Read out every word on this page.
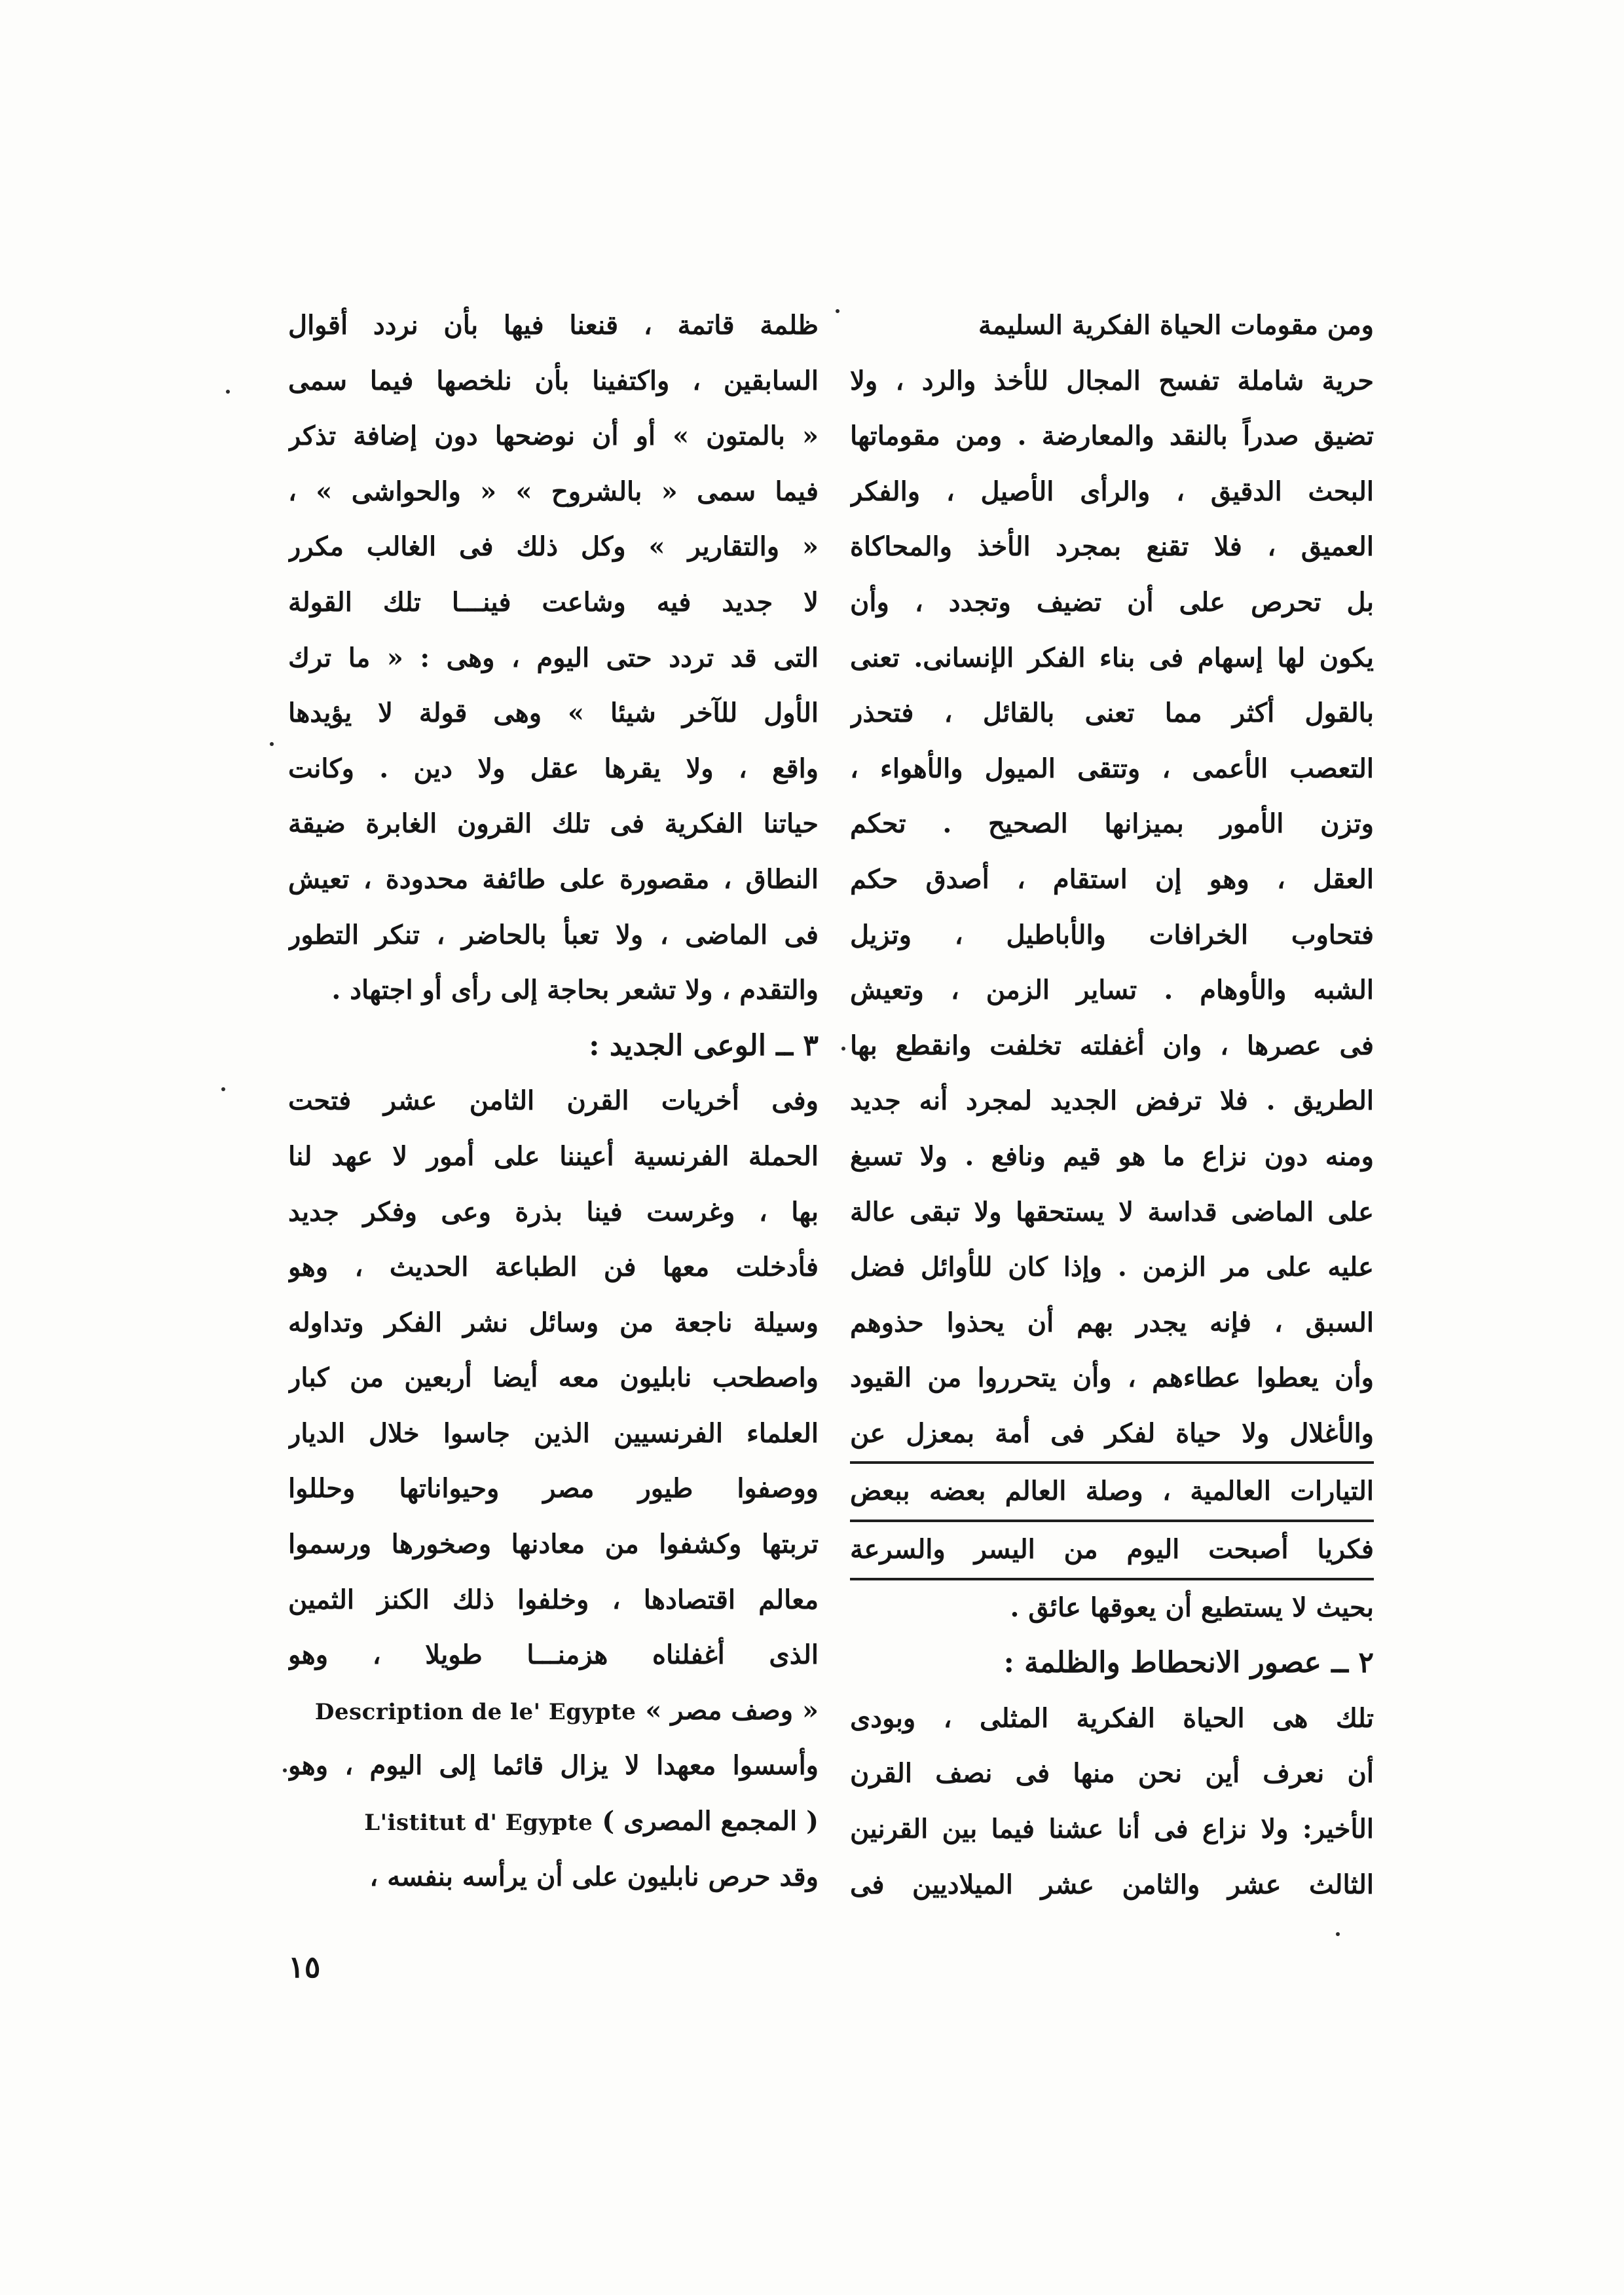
ومن مقومات الحياة الفكرية السليمة
حرية شاملة تفسح المجال للأخذ والرد ، ولا
تضيق صدراً بالنقد والمعارضة . ومن مقوماتها
البحث الدقيق ، والرأى الأصيل ، والفكر
العميق ، فلا تقنع بمجرد الأخذ والمحاكاة
بل تحرص على أن تضيف وتجدد ، وأن
يكون لها إسهام فى بناء الفكر الإنسانى. تعنى
بالقول أكثر مما تعنى بالقائل ، فتحذر
التعصب الأعمى ، وتتقى الميول والأهواء ،
وتزن الأمور بميزانها الصحيح . تحكم
العقل ، وهو إن استقام ، أصدق حكم
فتحاوب الخرافات والأباطيل ، وتزيل
الشبه والأوهام . تساير الزمن ، وتعيش
فى عصرها ، وان أغفلته تخلفت وانقطع بها
الطريق . فلا ترفض الجديد لمجرد أنه جديد
ومنه دون نزاع ما هو قيم ونافع . ولا تسبغ
على الماضى قداسة لا يستحقها ولا تبقى عالة
عليه على مر الزمن . وإذا كان للأوائل فضل
السبق ، فإنه يجدر بهم أن يحذوا حذوهم
وأن يعطوا عطاءهم ، وأن يتحرروا من القيود
والأغلال ولا حياة لفكر فى أمة بمعزل عن
التيارات العالمية ، وصلة العالم بعضه ببعض
فكريا أصبحت اليوم من اليسر والسرعة
بحيث لا يستطيع أن يعوقها عائق .
٢ ــ عصور الانحطاط والظلمة :
تلك هى الحياة الفكرية المثلى ، وبودى
أن نعرف أين نحن منها فى نصف القرن
الأخير: ولا نزاع فى أنا عشنا فيما بين القرنين
الثالث عشر والثامن عشر الميلاديين فى
ظلمة قاتمة ، قنعنا فيها بأن نردد أقوال
السابقين ، واكتفينا بأن نلخصها فيما سمى
« بالمتون » أو أن نوضحها دون إضافة تذكر
فيما سمى « بالشروح » « والحواشى » ،
« والتقارير » وكل ذلك فى الغالب مكرر
لا جديد فيه وشاعت فينـــا تلك القولة
التى قد تردد حتى اليوم ، وهى : « ما ترك
الأول للآخر شيئا » وهى قولة لا يؤيدها
واقع ، ولا يقرها عقل ولا دين . وكانت
حياتنا الفكرية فى تلك القرون الغابرة ضيقة
النطاق ، مقصورة على طائفة محدودة ، تعيش
فى الماضى ، ولا تعبأ بالحاضر ، تنكر التطور
والتقدم ، ولا تشعر بحاجة إلى رأى أو اجتهاد .
٣ ــ الوعى الجديد :
وفى أخريات القرن الثامن عشر فتحت
الحملة الفرنسية أعيننا على أمور لا عهد لنا
بها ، وغرست فينا بذرة وعى وفكر جديد
فأدخلت معها فن الطباعة الحديث ، وهو
وسيلة ناجعة من وسائل نشر الفكر وتداوله
واصطحب نابليون معه أيضا أربعين من كبار
العلماء الفرنسيين الذين جاسوا خلال الديار
ووصفوا طيور مصر وحيواناتها وحللوا
تربتها وكشفوا من معادنها وصخورها ورسموا
معالم اقتصادها ، وخلفوا ذلك الكنز الثمين
الذى أغفلناه هزمنـــا طويلا ، وهو
« وصف مصر » Description de le' Egypte
وأسسوا معهدا لا يزال قائما إلى اليوم ، وهو
( المجمع المصرى ) L'istitut d' Egypte
وقد حرص نابليون على أن يرأسه بنفسه ،
١٥
